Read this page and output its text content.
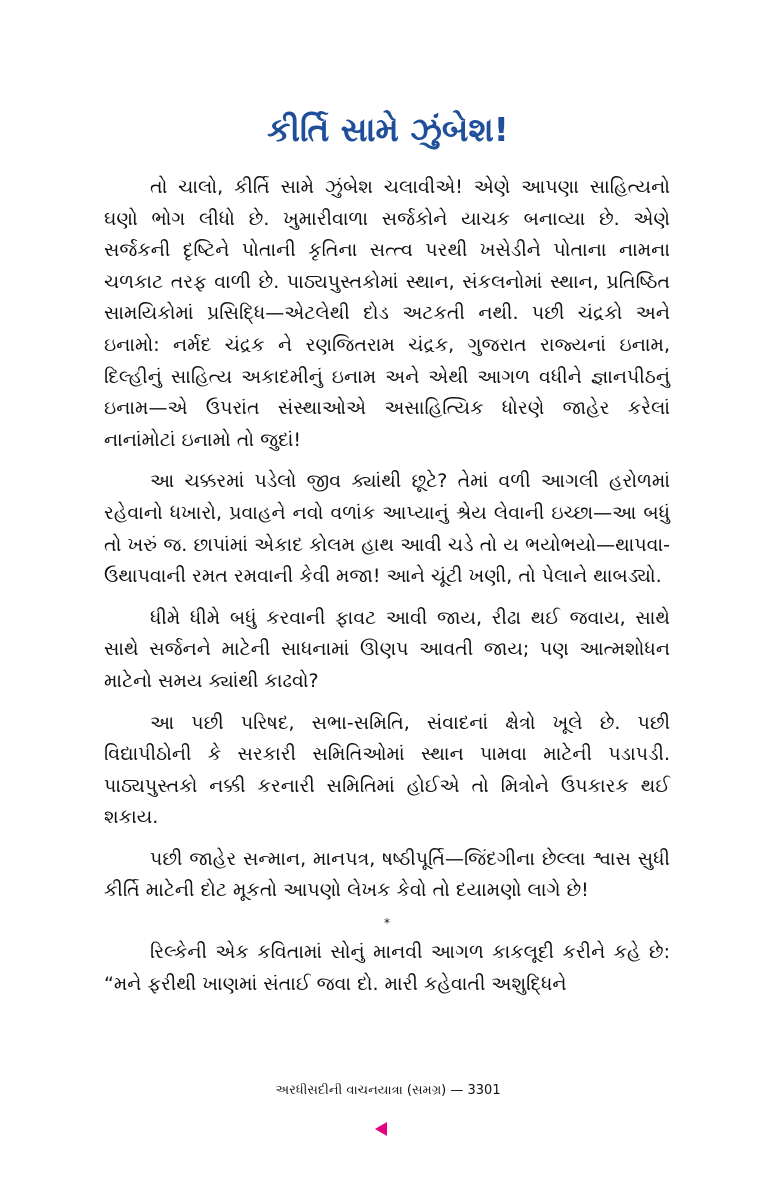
કીર્તિ સામે ઝુંબેશ!

તો ચાલો, કીર્તિ સામે ઝુંબેશ ચલાવીએ! એણે આપણા સાહિત્યનો ઘણો ભોગ લીધો છે. ખુમારીવાળા સર્જકોને યાચક બનાવ્યા છે. એણે સર્જકની દૃષ્ટિને પોતાની કૃતિના સત્ત્વ પરથી ખસેડીને પોતાના નામના ચળકાટ તરફ વાળી છે. પાઠ્યપુસ્તકોમાં સ્થાન, સંકલનોમાં સ્થાન, પ્રતિષ્ઠિત સામયિકોમાં પ્રસિદ્ધિ—એટલેથી દોડ અટકતી નથી. પછી ચંદ્રકો અને ઇનામો: નર્મદ ચંદ્રક ને રણજિતરામ ચંદ્રક, ગુજરાત રાજ્યનાં ઇનામ, દિલ્હીનું સાહિત્ય અકાદમીનું ઇનામ અને એથી આગળ વધીને જ્ઞાનપીઠનું ઇનામ—એ ઉપરાંત સંસ્થાઓએ અસાહિત્યિક ધોરણે જાહેર કરેલાં નાનાંમોટાં ઇનામો તો જુદાં!

આ ચક્કરમાં પડેલો જીવ ક્યાંથી છૂટે? તેમાં વળી આગલી હરોળમાં રહેવાનો ધખારો, પ્રવાહને નવો વળાંક આપ્યાનું શ્રેય લેવાની ઇચ્છા—આ બધું તો ખરું જ. છાપાંમાં એકાદ કોલમ હાથ આવી ચડે તો ય ભયોભયો—થાપવા-ઉથાપવાની રમત રમવાની કેવી મજા! આને ચૂંટી ખણી, તો પેલાને થાબડ્યો.

ધીમે ધીમે બધું કરવાની ફાવટ આવી જાય, રીઢા થઈ જવાય, સાથે સાથે સર્જનને માટેની સાધનામાં ઊણપ આવતી જાય; પણ આત્મશોધન માટેનો સમય ક્યાંથી કાઢવો?

આ પછી પરિષદ, સભા-સમિતિ, સંવાદનાં ક્ષેત્રો ખૂલે છે. પછી વિદ્યાપીઠોની કે સરકારી સમિતિઓમાં સ્થાન પામવા માટેની પડાપડી. પાઠ્યપુસ્તકો નક્કી કરનારી સમિતિમાં હોઈએ તો મિત્રોને ઉપકારક થઈ શકાય.

પછી જાહેર સન્માન, માનપત્ર, ષષ્ઠીપૂર્તિ—જિંદગીના છેલ્લા શ્વાસ સુધી કીર્તિ માટેની દોટ મૂકતો આપણો લેખક કેવો તો દયામણો લાગે છે!

*

રિલ્કેની એક કવિતામાં સોનું માનવી આગળ કાકલૂદી કરીને કહે છે: “મને ફરીથી ખાણમાં સંતાઈ જવા દો. મારી કહેવાતી અશુદ્ધિને

અરધીસદીની વાચનયાત્રા (સમગ્ર) — 3301
